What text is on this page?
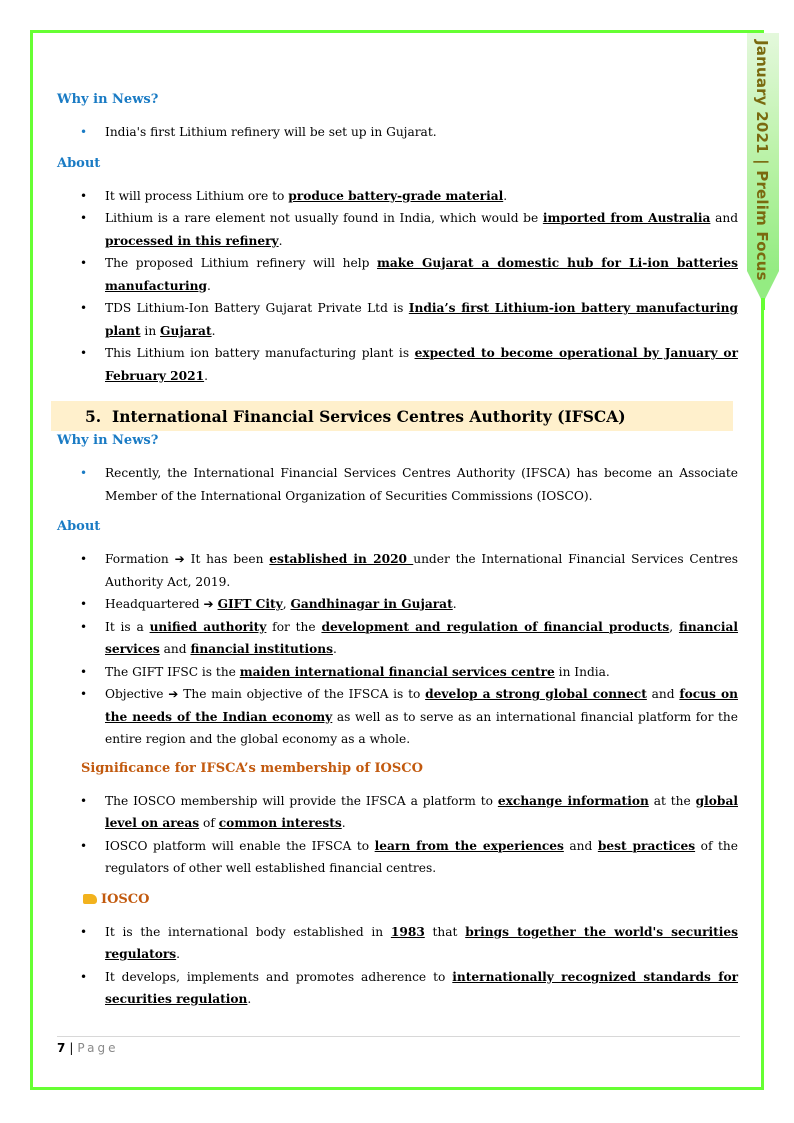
January 2021 | Prelim Focus
Why in News?
• India's first Lithium refinery will be set up in Gujarat.
About
• It will process Lithium ore to produce battery-grade material.
• Lithium is a rare element not usually found in India, which would be imported from Australia and processed in this refinery.
• The proposed Lithium refinery will help make Gujarat a domestic hub for Li-ion batteries manufacturing.
• TDS Lithium-Ion Battery Gujarat Private Ltd is India’s first Lithium-ion battery manufacturing plant in Gujarat.
• This Lithium ion battery manufacturing plant is expected to become operational by January or February 2021.
5. International Financial Services Centres Authority (IFSCA)
Why in News?
• Recently, the International Financial Services Centres Authority (IFSCA) has become an Associate Member of the International Organization of Securities Commissions (IOSCO).
About
• Formation ➔ It has been established in 2020 under the International Financial Services Centres Authority Act, 2019.
• Headquartered ➔ GIFT City, Gandhinagar in Gujarat.
• It is a unified authority for the development and regulation of financial products, financial services and financial institutions.
• The GIFT IFSC is the maiden international financial services centre in India.
• Objective ➔ The main objective of the IFSCA is to develop a strong global connect and focus on the needs of the Indian economy as well as to serve as an international financial platform for the entire region and the global economy as a whole.
Significance for IFSCA’s membership of IOSCO
• The IOSCO membership will provide the IFSCA a platform to exchange information at the global level on areas of common interests.
• IOSCO platform will enable the IFSCA to learn from the experiences and best practices of the regulators of other well established financial centres.
IOSCO
• It is the international body established in 1983 that brings together the world's securities regulators.
• It develops, implements and promotes adherence to internationally recognized standards for securities regulation.
7 | Page
